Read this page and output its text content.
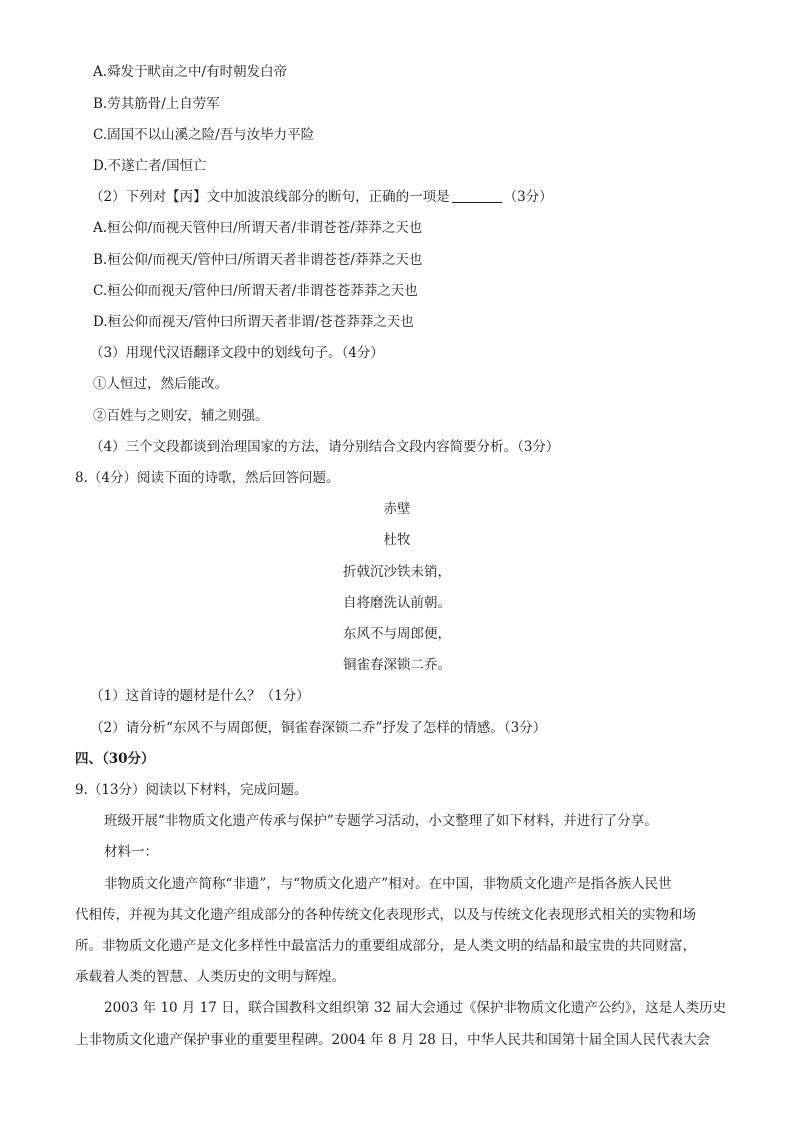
A.舜发于畎亩之中/有时朝发白帝
B.劳其筋骨/上自劳军
C.固国不以山溪之险/吾与汝毕力平险
D.不遂亡者/国恒亡
（2）下列对【丙】文中加波浪线部分的断句，正确的一项是	（3分）
A.桓公仰/而视天管仲曰/所谓天者/非谓苍苍/莽莽之天也
B.桓公仰/而视天/管仲曰/所谓天者非谓苍苍/莽莽之天也
C.桓公仰而视天/管仲曰/所谓天者/非谓苍苍莽莽之天也
D.桓公仰而视天/管仲曰所谓天者非谓/苍苍莽莽之天也
（3）用现代汉语翻译文段中的划线句子。（4分）
①人恒过，然后能改。
②百姓与之则安，辅之则强。
（4）三个文段都谈到治理国家的方法，请分别结合文段内容简要分析。（3分）
8.（4分）阅读下面的诗歌，然后回答问题。
赤壁
杜牧
折戟沉沙铁未销，
自将磨洗认前朝。
东风不与周郎便，
铜雀春深锁二乔。
（1）这首诗的题材是什么？（1分）
（2）请分析“东风不与周郎便，铜雀春深锁二乔”抒发了怎样的情感。（3分）
四、（30分）
9.（13分）阅读以下材料，完成问题。
班级开展“非物质文化遗产传承与保护”专题学习活动，小文整理了如下材料，并进行了分享。
材料一：
非物质文化遗产简称“非遗”，与“物质文化遗产”相对。在中国，非物质文化遗产是指各族人民世
代相传，并视为其文化遗产组成部分的各种传统文化表现形式，以及与传统文化表现形式相关的实物和场
所。非物质文化遗产是文化多样性中最富活力的重要组成部分，是人类文明的结晶和最宝贵的共同财富，
承载着人类的智慧、人类历史的文明与辉煌。
2003 年 10 月 17 日，联合国教科文组织第 32 届大会通过《保护非物质文化遗产公约》，这是人类历史
上非物质文化遗产保护事业的重要里程碑。2004 年 8 月 28 日，中华人民共和国第十届全国人民代表大会
